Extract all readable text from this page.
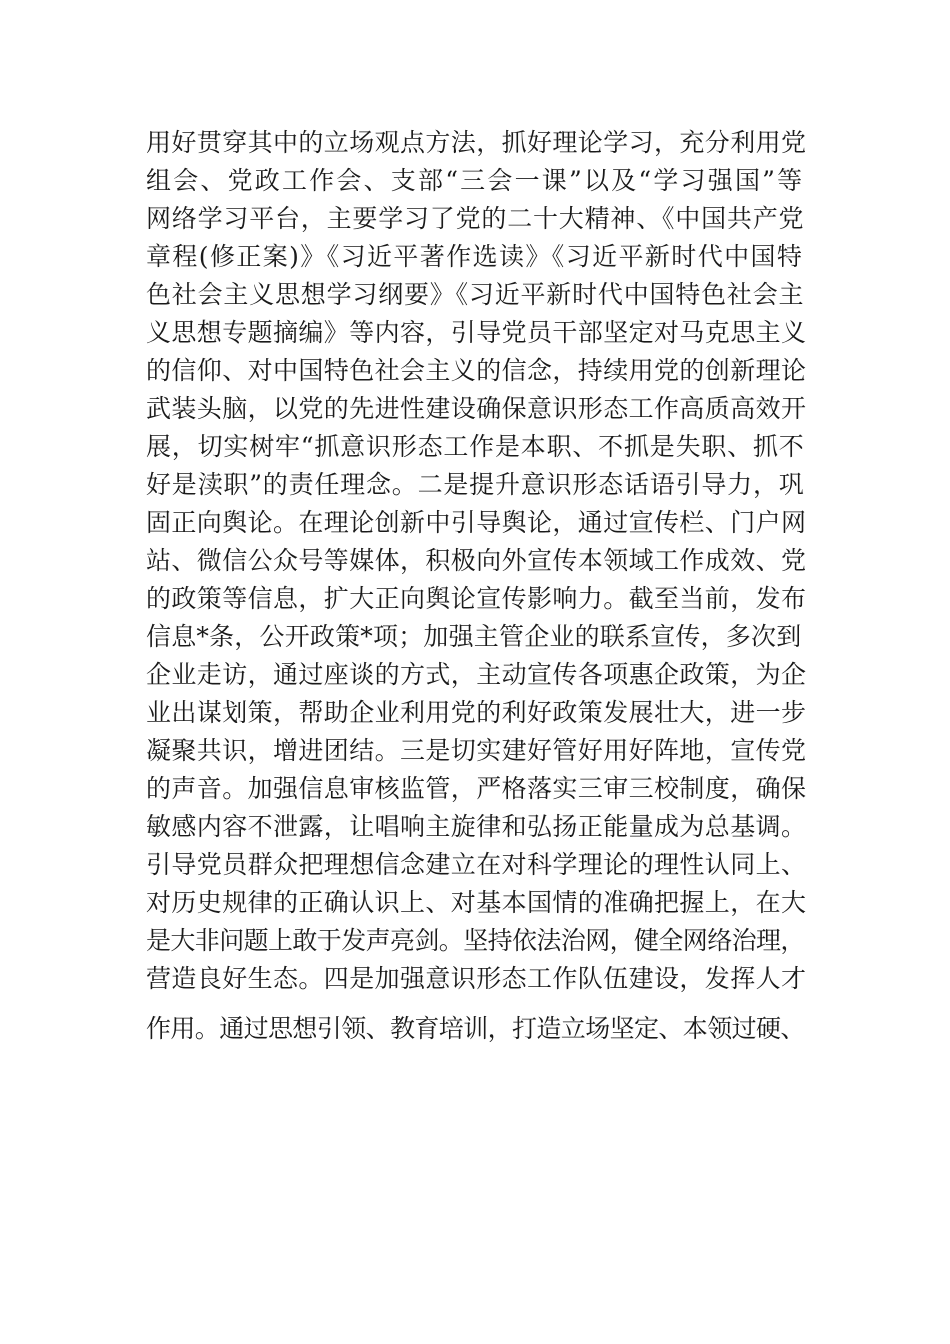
用好贯穿其中的立场观点方法，抓好理论学习，充分利用党
组会、党政工作会、支部“三会一课”以及“学习强国”等
网络学习平台，主要学习了党的二十大精神、《中国共产党
章程(修正案)》《习近平著作选读》《习近平新时代中国特
色社会主义思想学习纲要》《习近平新时代中国特色社会主
义思想专题摘编》等内容，引导党员干部坚定对马克思主义
的信仰、对中国特色社会主义的信念，持续用党的创新理论
武装头脑，以党的先进性建设确保意识形态工作高质高效开
展，切实树牢“抓意识形态工作是本职、不抓是失职、抓不
好是渎职”的责任理念。二是提升意识形态话语引导力，巩
固正向舆论。在理论创新中引导舆论，通过宣传栏、门户网
站、微信公众号等媒体，积极向外宣传本领域工作成效、党
的政策等信息，扩大正向舆论宣传影响力。截至当前，发布
信息*条，公开政策*项；加强主管企业的联系宣传，多次到
企业走访，通过座谈的方式，主动宣传各项惠企政策，为企
业出谋划策，帮助企业利用党的利好政策发展壮大，进一步
凝聚共识，增进团结。三是切实建好管好用好阵地，宣传党
的声音。加强信息审核监管，严格落实三审三校制度，确保
敏感内容不泄露，让唱响主旋律和弘扬正能量成为总基调。
引导党员群众把理想信念建立在对科学理论的理性认同上、
对历史规律的正确认识上、对基本国情的准确把握上，在大
是大非问题上敢于发声亮剑。坚持依法治网，健全网络治理，
营造良好生态。四是加强意识形态工作队伍建设，发挥人才
作用。通过思想引领、教育培训，打造立场坚定、本领过硬、
